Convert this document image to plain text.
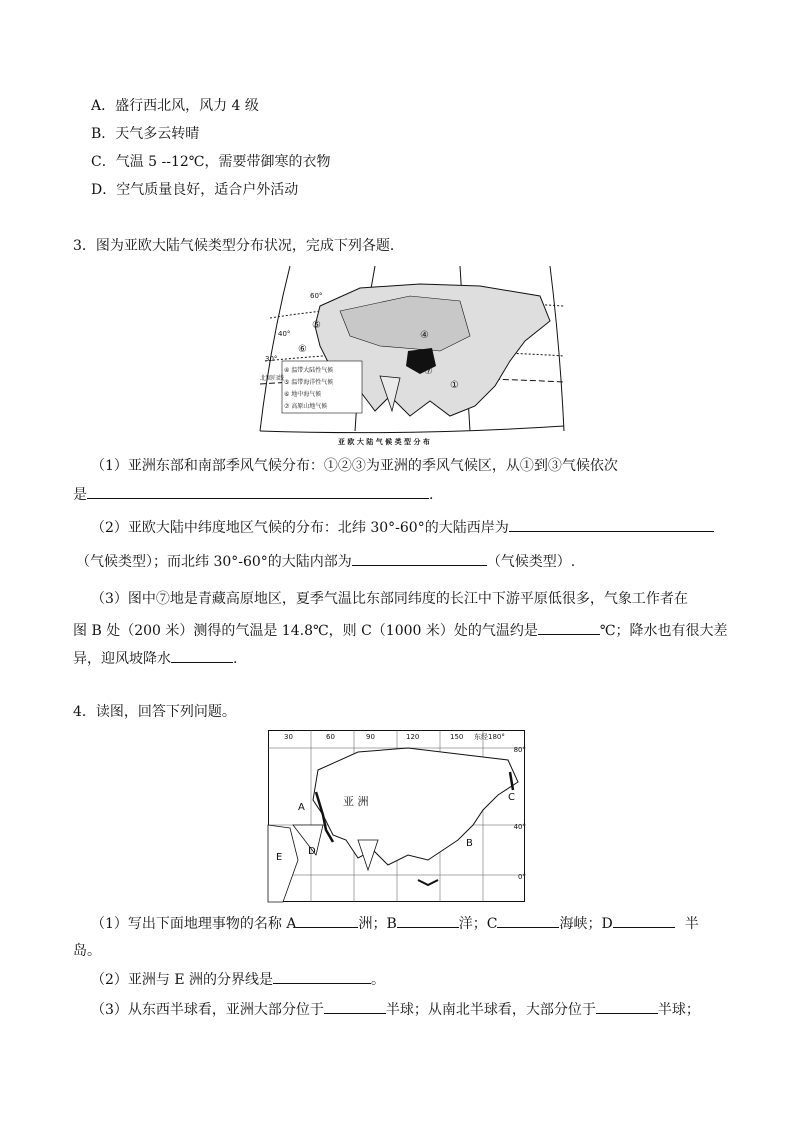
A．盛行西北风，风力 4 级
B．天气多云转晴
C．气温 5 --12℃，需要带御寒的衣物
D．空气质量良好，适合户外活动
3．图为亚欧大陆气候类型分布状况，完成下列各题．
60°
40°
30°
北回归线
④ 温带大陆性气候
⑤ 温带海洋性气候
⑥ 地中海气候
⑦ 高原山地气候
④
⑤
⑥
⑦
①
亚 欧 大 陆 气 候 类 型 分 布
（1）亚洲东部和南部季风气候分布：①②③为亚洲的季风气候区，从①到③气候依次
是	.
（2）亚欧大陆中纬度地区气候的分布：北纬 30°-60°的大陆西岸为
（气候类型）；而北纬 30°-60°的大陆内部为	（气候类型）.
（3）图中⑦地是青藏高原地区，夏季气温比东部同纬度的长江中下游平原低很多，气象工作者在
图 B 处（200 米）测得的气温是 14.8℃，则 C（1000 米）处的气温约是	℃；降水也有很大差
异，迎风坡降水	.
4．读图，回答下列问题。
30	60	90	120	150 东经180°
80°
40°
0°
A
B
C
D
E
亚 洲
（1）写出下面地理事物的名称 A	洲；B	洋；C	海峡；D	半
岛。
（2）亚洲与 E 洲的分界线是	。
（3）从东西半球看，亚洲大部分位于	半球；从南北半球看，大部分位于	半球；
